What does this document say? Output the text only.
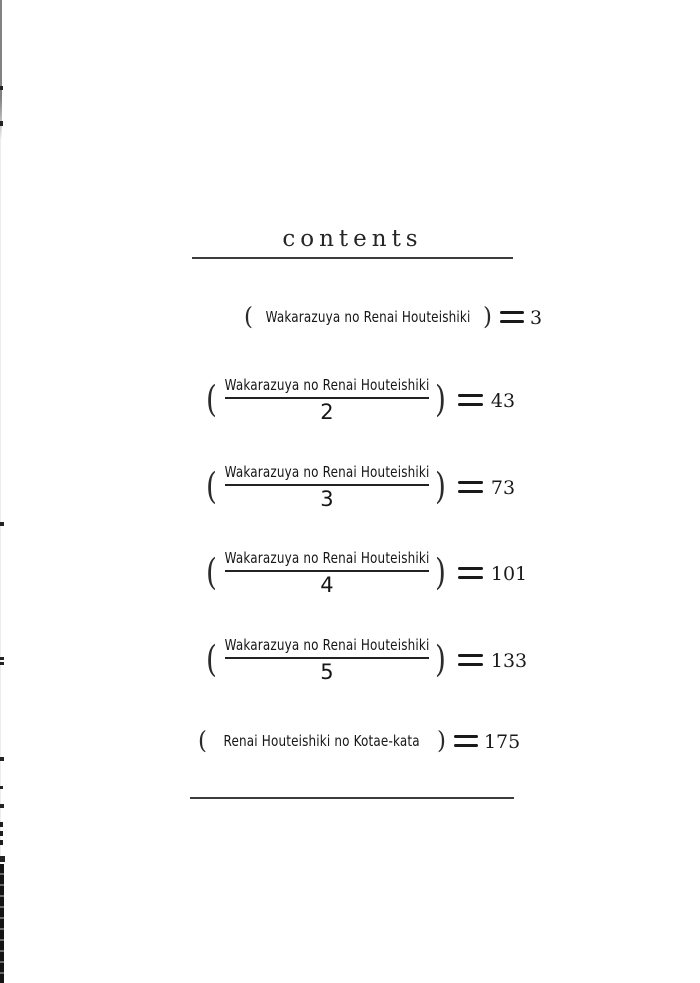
contents
( Wakarazuya no Renai Houteishiki ) 3
( Wakarazuya no Renai Houteishiki
2	) 43
( Wakarazuya no Renai Houteishiki
3	) 73
( Wakarazuya no Renai Houteishiki
4	) 101
( Wakarazuya no Renai Houteishiki
5	) 133
( Renai Houteishiki no Kotae-kata ) 175
